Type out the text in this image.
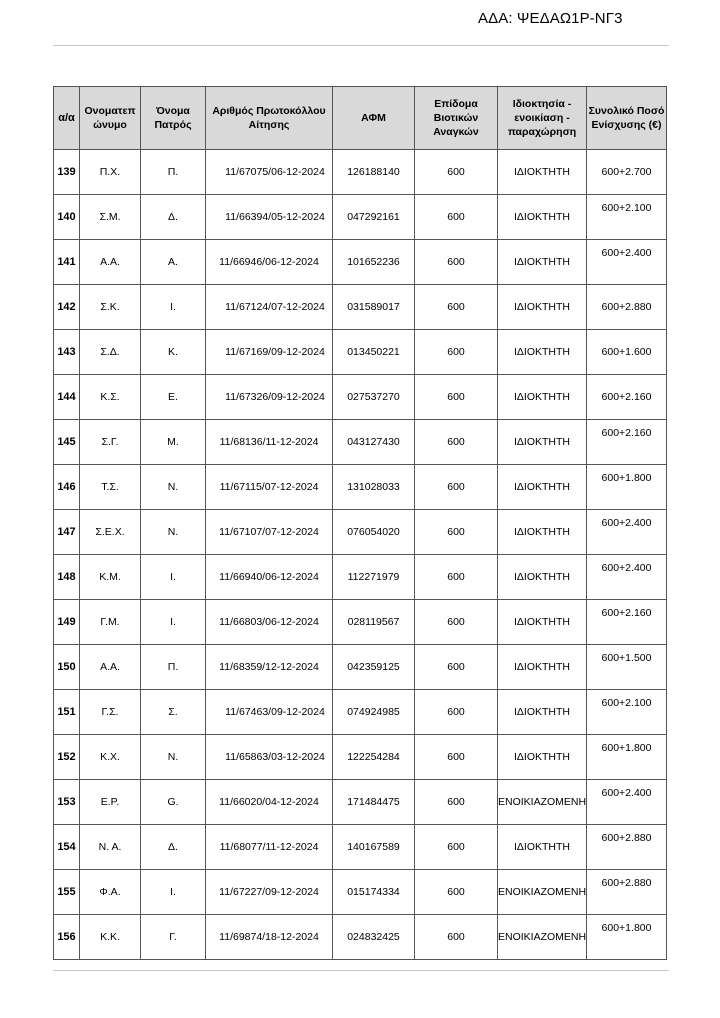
ΑΔΑ: ΨΕΔΑΩ1Ρ-ΝΓ3
α/α	Ονοματεπ ώνυμο	Όνομα Πατρός	Αριθμός Πρωτοκόλλου Αίτησης	ΑΦΜ	Επίδομα Βιοτικών Αναγκών	Ιδιοκτησία - ενοικίαση - παραχώρηση	Συνολικό Ποσό Ενίσχυσης (€)
139	Π.Χ.	Π.	11/67075/06-12-2024	126188140	600	ΙΔΙΟΚΤΗΤΗ	600+2.700
140	Σ.Μ.	Δ.	11/66394/05-12-2024	047292161	600	ΙΔΙΟΚΤΗΤΗ	600+2.100
141	Α.Α.	Α.	11/66946/06-12-2024	101652236	600	ΙΔΙΟΚΤΗΤΗ	600+2.400
142	Σ.Κ.	Ι.	11/67124/07-12-2024	031589017	600	ΙΔΙΟΚΤΗΤΗ	600+2.880
143	Σ.Δ.	Κ.	11/67169/09-12-2024	013450221	600	ΙΔΙΟΚΤΗΤΗ	600+1.600
144	Κ.Σ.	Ε.	11/67326/09-12-2024	027537270	600	ΙΔΙΟΚΤΗΤΗ	600+2.160
145	Σ.Γ.	Μ.	11/68136/11-12-2024	043127430	600	ΙΔΙΟΚΤΗΤΗ	600+2.160
146	Τ.Σ.	Ν.	11/67115/07-12-2024	131028033	600	ΙΔΙΟΚΤΗΤΗ	600+1.800
147	Σ.Ε.Χ.	Ν.	11/67107/07-12-2024	076054020	600	ΙΔΙΟΚΤΗΤΗ	600+2.400
148	Κ.Μ.	Ι.	11/66940/06-12-2024	112271979	600	ΙΔΙΟΚΤΗΤΗ	600+2.400
149	Γ.Μ.	Ι.	11/66803/06-12-2024	028119567	600	ΙΔΙΟΚΤΗΤΗ	600+2.160
150	Α.Α.	Π.	11/68359/12-12-2024	042359125	600	ΙΔΙΟΚΤΗΤΗ	600+1.500
151	Γ.Σ.	Σ.	11/67463/09-12-2024	074924985	600	ΙΔΙΟΚΤΗΤΗ	600+2.100
152	Κ.Χ.	Ν.	11/65863/03-12-2024	122254284	600	ΙΔΙΟΚΤΗΤΗ	600+1.800
153	Ε.Ρ.	G.	11/66020/04-12-2024	171484475	600	ΕΝΟΙΚΙΑΖΟΜΕΝΗ	600+2.400
154	Ν. Α.	Δ.	11/68077/11-12-2024	140167589	600	ΙΔΙΟΚΤΗΤΗ	600+2.880
155	Φ.Α.	Ι.	11/67227/09-12-2024	015174334	600	ΕΝΟΙΚΙΑΖΟΜΕΝΗ	600+2.880
156	Κ.Κ.	Γ.	11/69874/18-12-2024	024832425	600	ΕΝΟΙΚΙΑΖΟΜΕΝΗ	600+1.800
